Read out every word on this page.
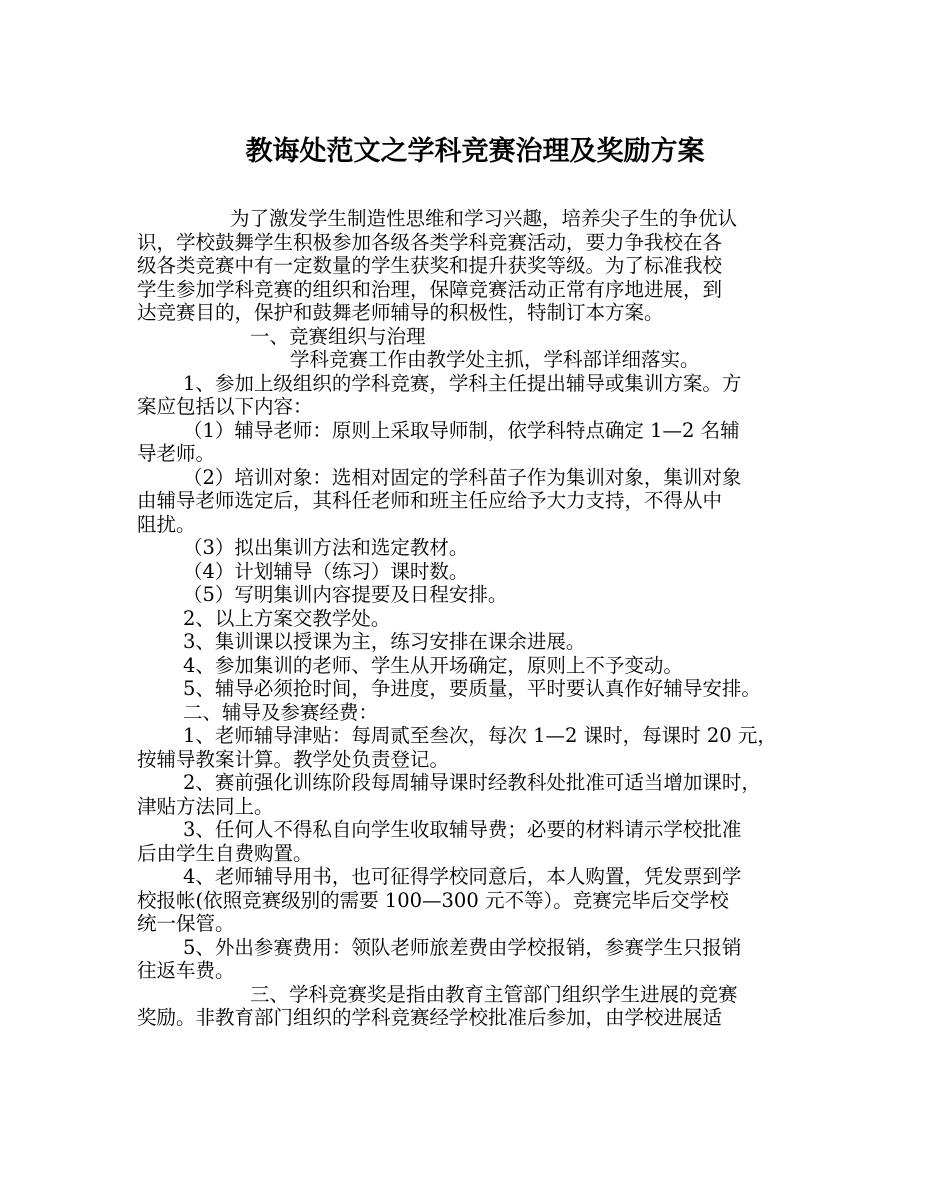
教诲处范文之学科竞赛治理及奖励方案

为了激发学生制造性思维和学习兴趣，培养尖子生的争优认

识，学校鼓舞学生积极参加各级各类学科竞赛活动，要力争我校在各

级各类竞赛中有一定数量的学生获奖和提升获奖等级。为了标准我校

学生参加学科竞赛的组织和治理，保障竞赛活动正常有序地进展，到

达竞赛目的，保护和鼓舞老师辅导的积极性，特制订本方案。

一、竞赛组织与治理

学科竞赛工作由教学处主抓，学科部详细落实。

1、参加上级组织的学科竞赛，学科主任提出辅导或集训方案。方

案应包括以下内容：

（1）辅导老师：原则上采取导师制，依学科特点确定 1—2 名辅

导老师。

（2）培训对象：选相对固定的学科苗子作为集训对象，集训对象

由辅导老师选定后，其科任老师和班主任应给予大力支持，不得从中

阻扰。

（3）拟出集训方法和选定教材。

（4）计划辅导（练习）课时数。

（5）写明集训内容提要及日程安排。

2、以上方案交教学处。

3、集训课以授课为主，练习安排在课余进展。

4、参加集训的老师、学生从开场确定，原则上不予变动。

5、辅导必须抢时间，争进度，要质量，平时要认真作好辅导安排。

二、辅导及参赛经费：

1、老师辅导津贴：每周贰至叁次，每次 1—2 课时，每课时 20 元，

按辅导教案计算。教学处负责登记。

2、赛前强化训练阶段每周辅导课时经教科处批准可适当增加课时，

津贴方法同上。

3、任何人不得私自向学生收取辅导费；必要的材料请示学校批准

后由学生自费购置。

4、老师辅导用书，也可征得学校同意后，本人购置，凭发票到学

校报帐(依照竞赛级别的需要 100—300 元不等）。竞赛完毕后交学校

统一保管。

5、外出参赛费用：领队老师旅差费由学校报销，参赛学生只报销

往返车费。

三、学科竞赛奖是指由教育主管部门组织学生进展的竞赛

奖励。非教育部门组织的学科竞赛经学校批准后参加，由学校进展适
